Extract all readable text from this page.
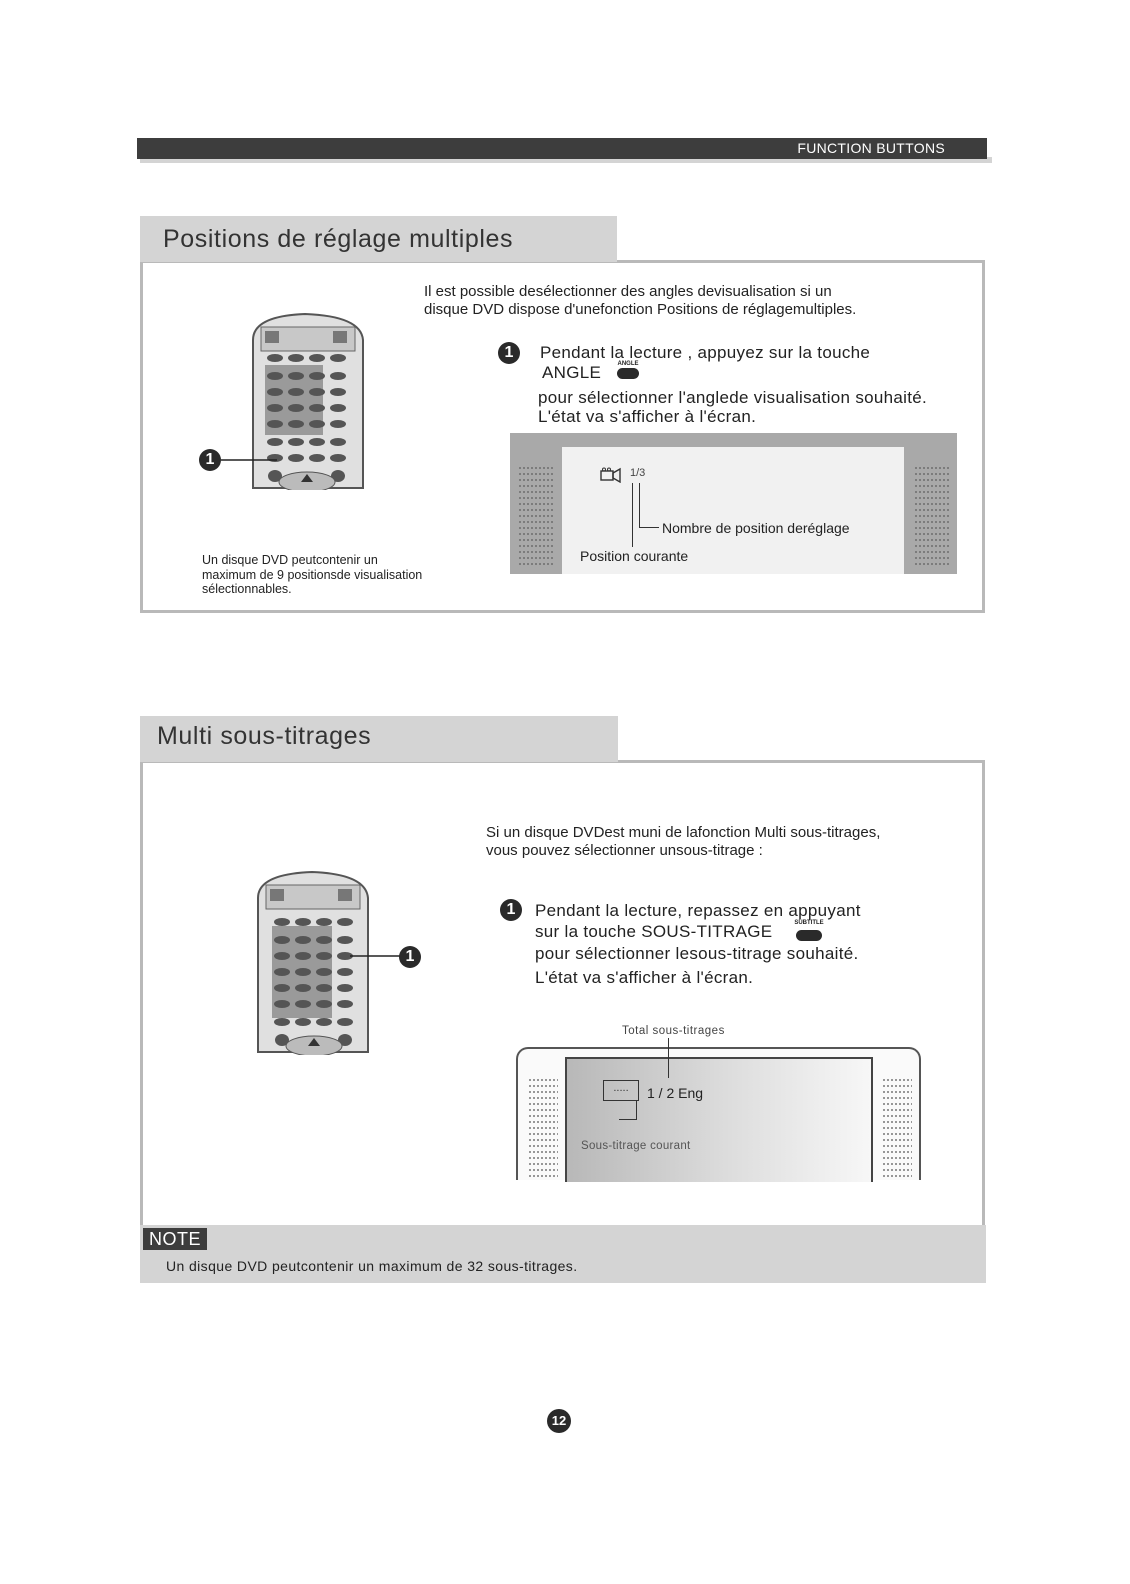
FUNCTION BUTTONS
Positions de réglage multiples
Il est possible desélectionner des angles devisualisation si un
disque DVD dispose d'unefonction Positions de réglagemultiples.
1	Pendant la lecture , appuyez sur la touche
ANGLE	ANGLE
pour sélectionner l'anglede visualisation souhaité.
L'état va s'afficher à l'écran.
1
Un disque DVD peutcontenir un
maximum de 9 positionsde visualisation
sélectionnables.
1/3
Nombre de position deréglage
Position courante
Multi sous-titrages
Si un disque DVDest muni de lafonction Multi sous-titrages,
vous pouvez sélectionner unsous-titrage :
1	Pendant la lecture, repassez en appuyant
sur la touche SOUS-TITRAGE	SUBTITLE
pour sélectionner lesous-titrage souhaité.
L'état va s'afficher à l'écran.
1
Total sous-titrages
.....	1 / 2 Eng
Sous-titrage courant
Un disque DVD peutcontenir un maximum de 32 sous-titrages.
NOTE
12
